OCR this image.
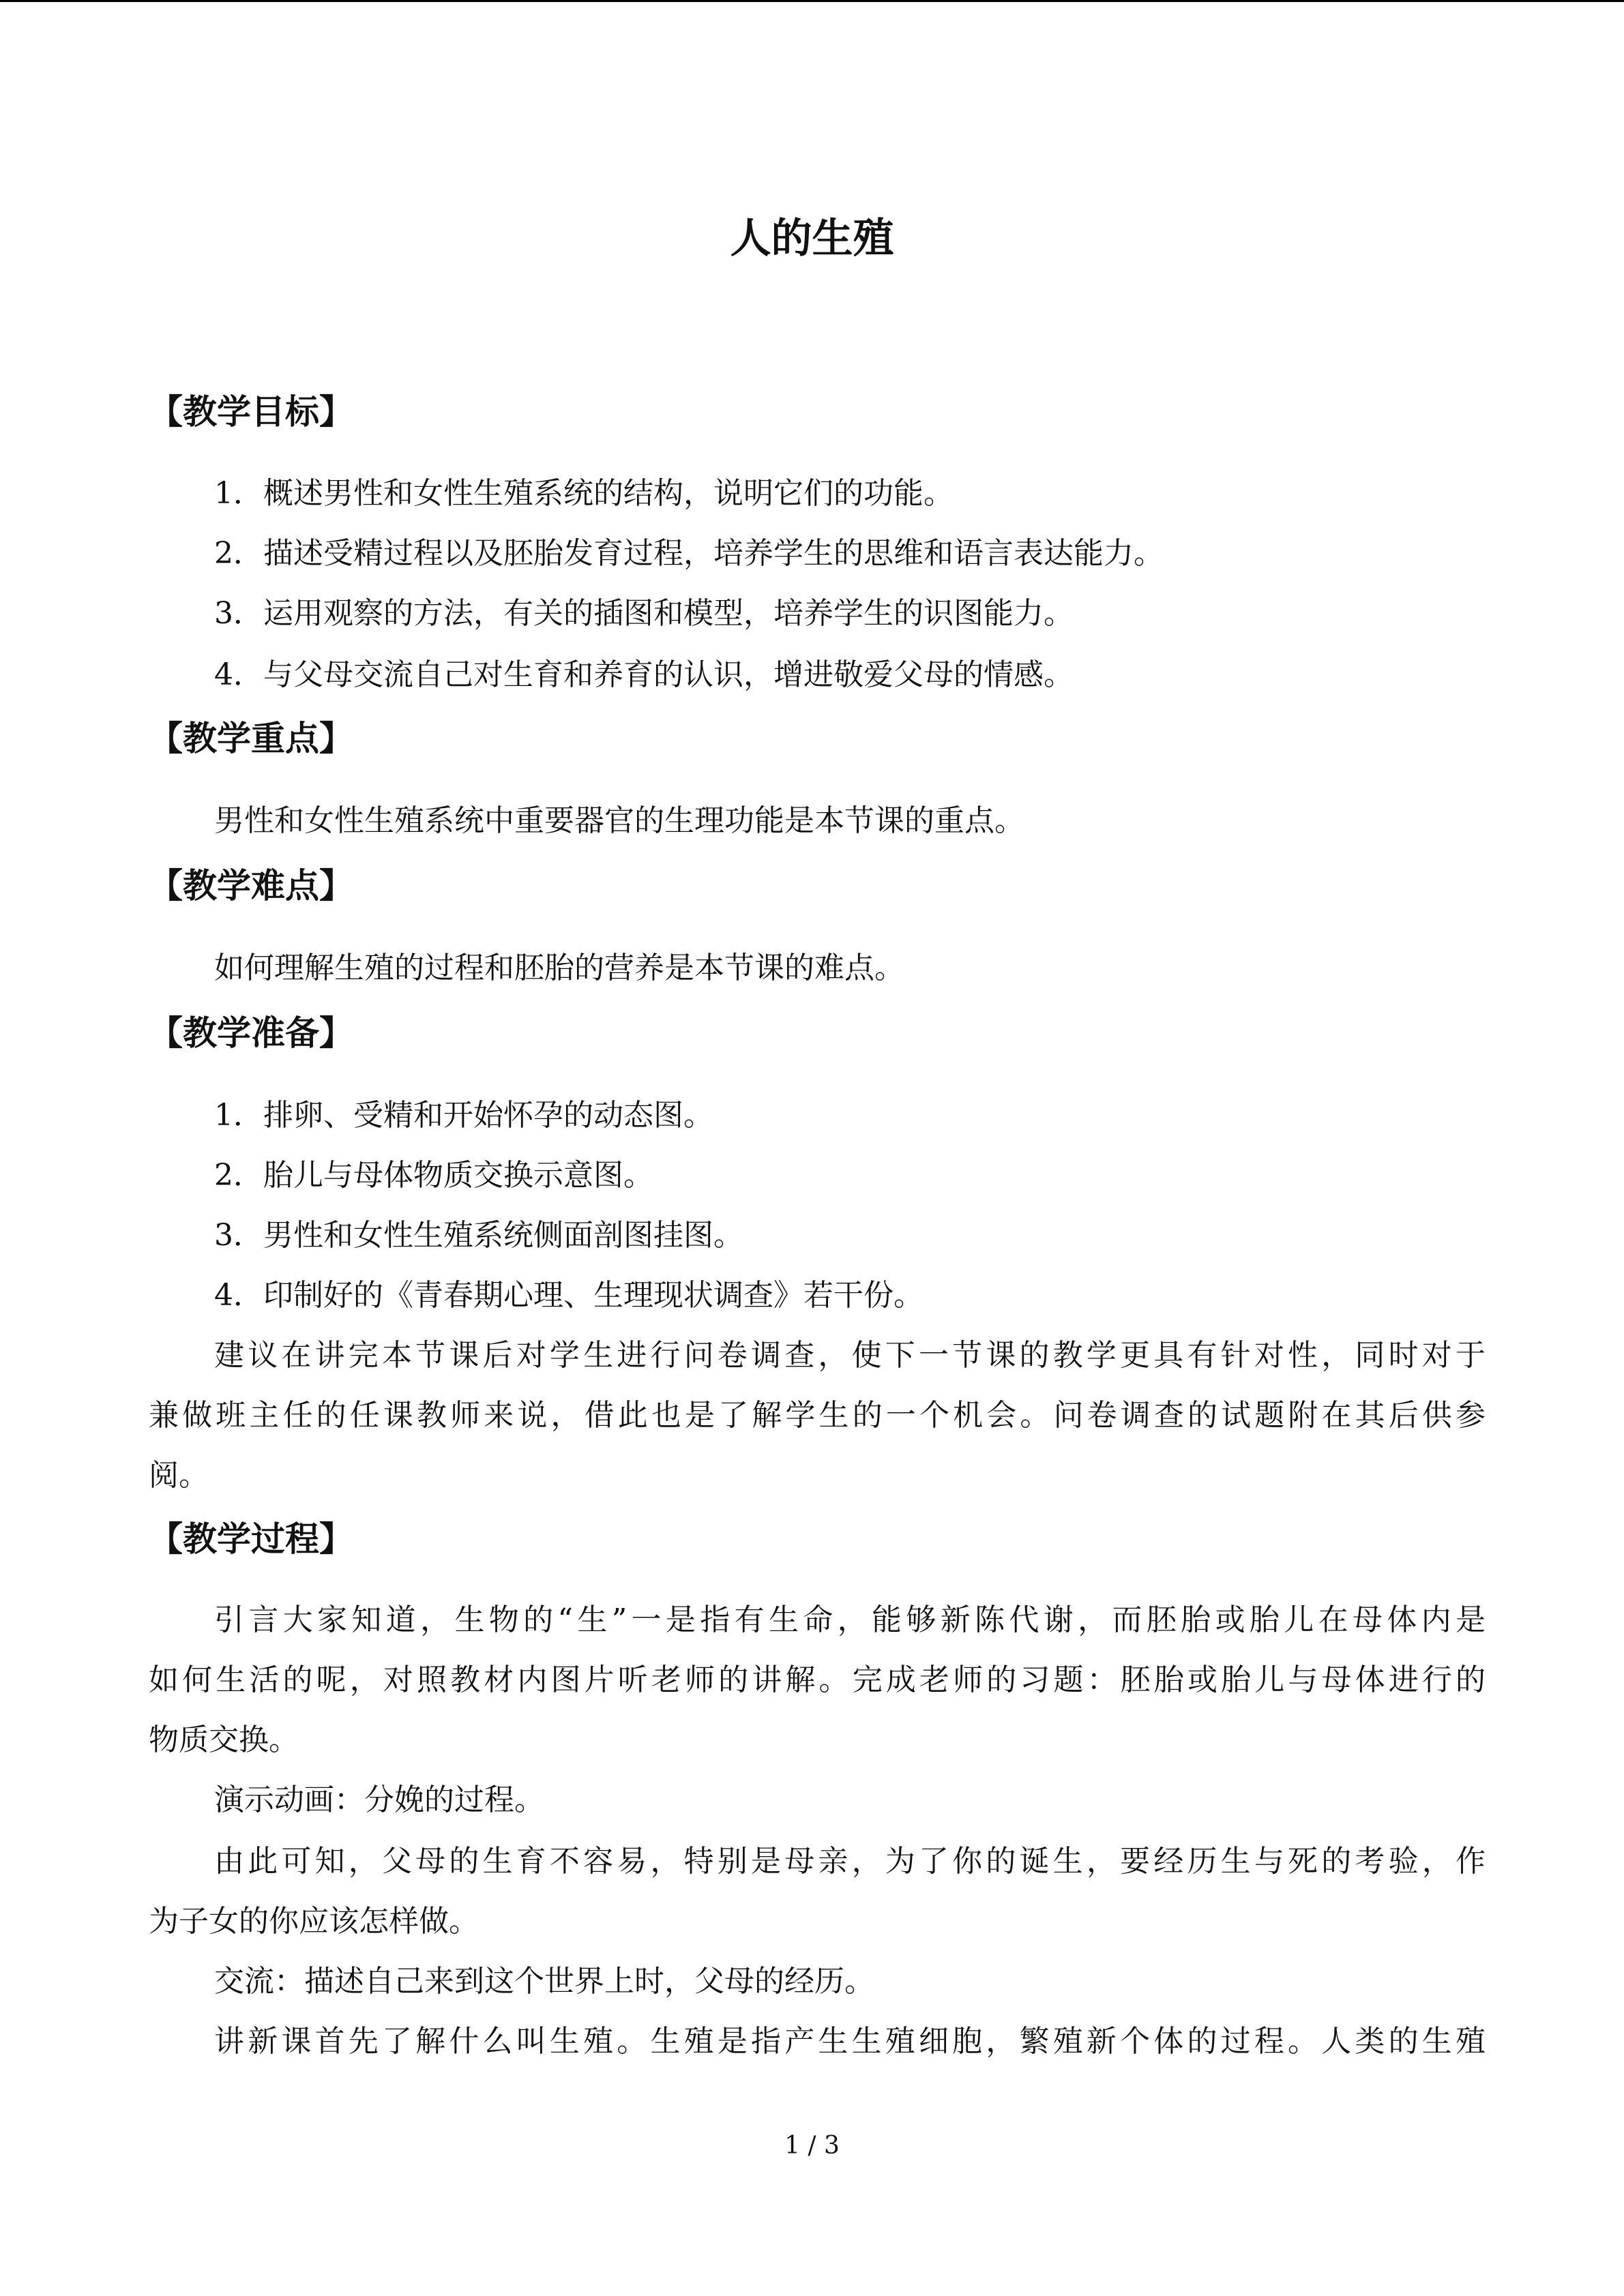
人的生殖
【教学目标】
1．概述男性和女性生殖系统的结构，说明它们的功能。
2．描述受精过程以及胚胎发育过程，培养学生的思维和语言表达能力。
3．运用观察的方法，有关的插图和模型，培养学生的识图能力。
4．与父母交流自己对生育和养育的认识，增进敬爱父母的情感。
【教学重点】
男性和女性生殖系统中重要器官的生理功能是本节课的重点。
【教学难点】
如何理解生殖的过程和胚胎的营养是本节课的难点。
【教学准备】
1．排卵、受精和开始怀孕的动态图。
2．胎儿与母体物质交换示意图。
3．男性和女性生殖系统侧面剖图挂图。
4．印制好的《青春期心理、生理现状调查》若干份。
建议在讲完本节课后对学生进行问卷调查，使下一节课的教学更具有针对性，同时对于
兼做班主任的任课教师来说，借此也是了解学生的一个机会。问卷调查的试题附在其后供参
阅。
【教学过程】
引言大家知道，生物的“生”一是指有生命，能够新陈代谢，而胚胎或胎儿在母体内是
如何生活的呢，对照教材内图片听老师的讲解。完成老师的习题：胚胎或胎儿与母体进行的
物质交换。
演示动画：分娩的过程。
由此可知，父母的生育不容易，特别是母亲，为了你的诞生，要经历生与死的考验，作
为子女的你应该怎样做。
交流：描述自己来到这个世界上时，父母的经历。
讲新课首先了解什么叫生殖。生殖是指产生生殖细胞，繁殖新个体的过程。人类的生殖
1 / 3
